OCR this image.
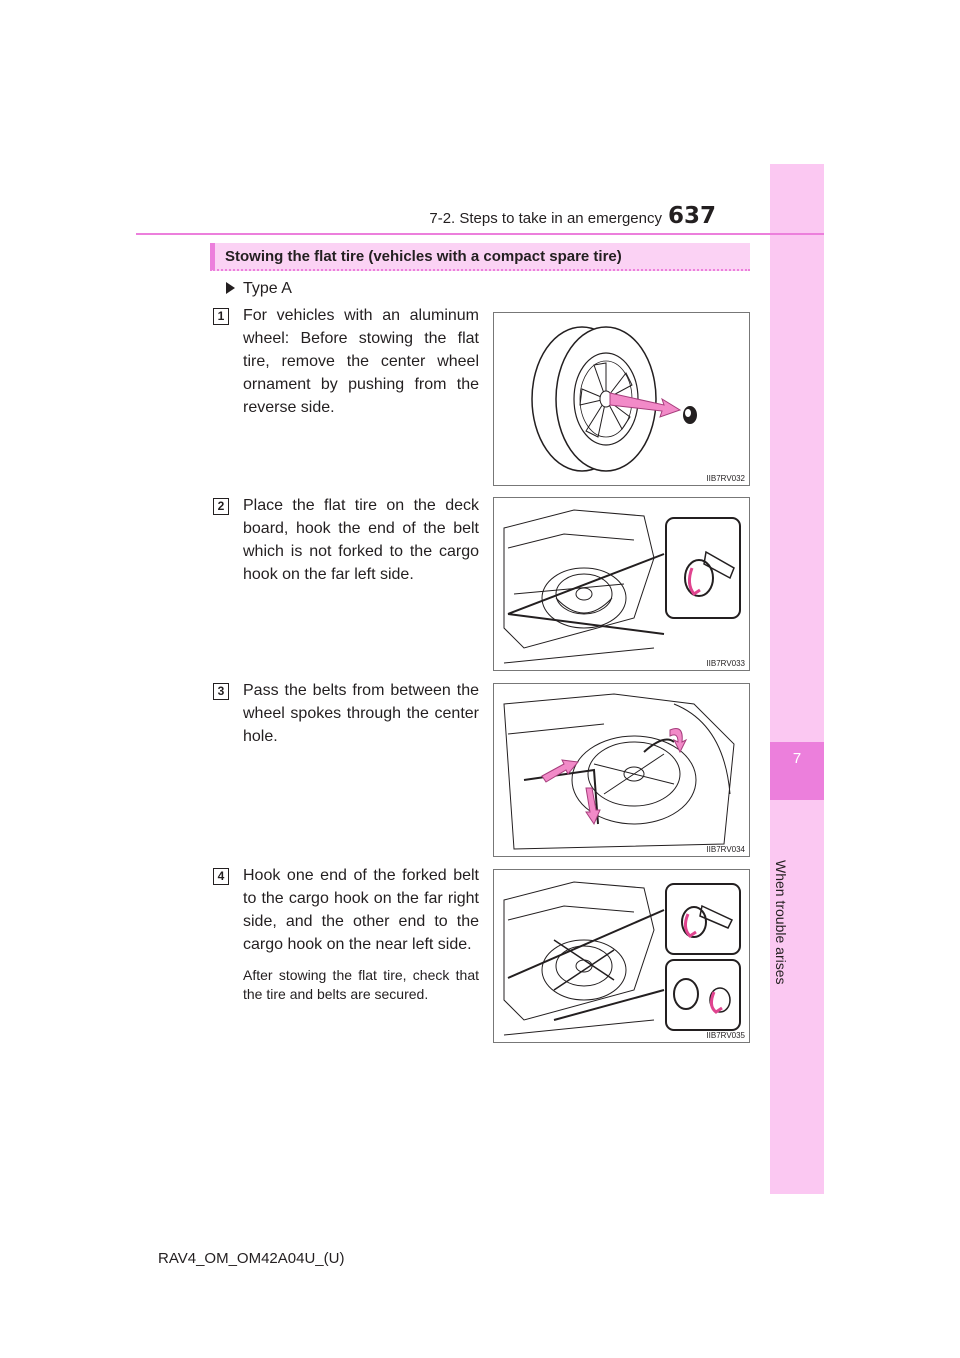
7
When trouble arises
7-2. Steps to take in an emergency 637
Stowing the flat tire (vehicles with a compact spare tire)
Type A
1 For vehicles with an aluminum wheel: Before stowing the flat tire, remove the center wheel ornament by pushing from the reverse side.
IIB7RV032
2 Place the flat tire on the deck board, hook the end of the belt which is not forked to the cargo hook on the far left side.
IIB7RV033
3 Pass the belts from between the wheel spokes through the center hole.
IIB7RV034
4 Hook one end of the forked belt to the cargo hook on the far right side, and the other end to the cargo hook on the near left side.
After stowing the flat tire, check that the tire and belts are secured.
IIB7RV035
RAV4_OM_OM42A04U_(U)
